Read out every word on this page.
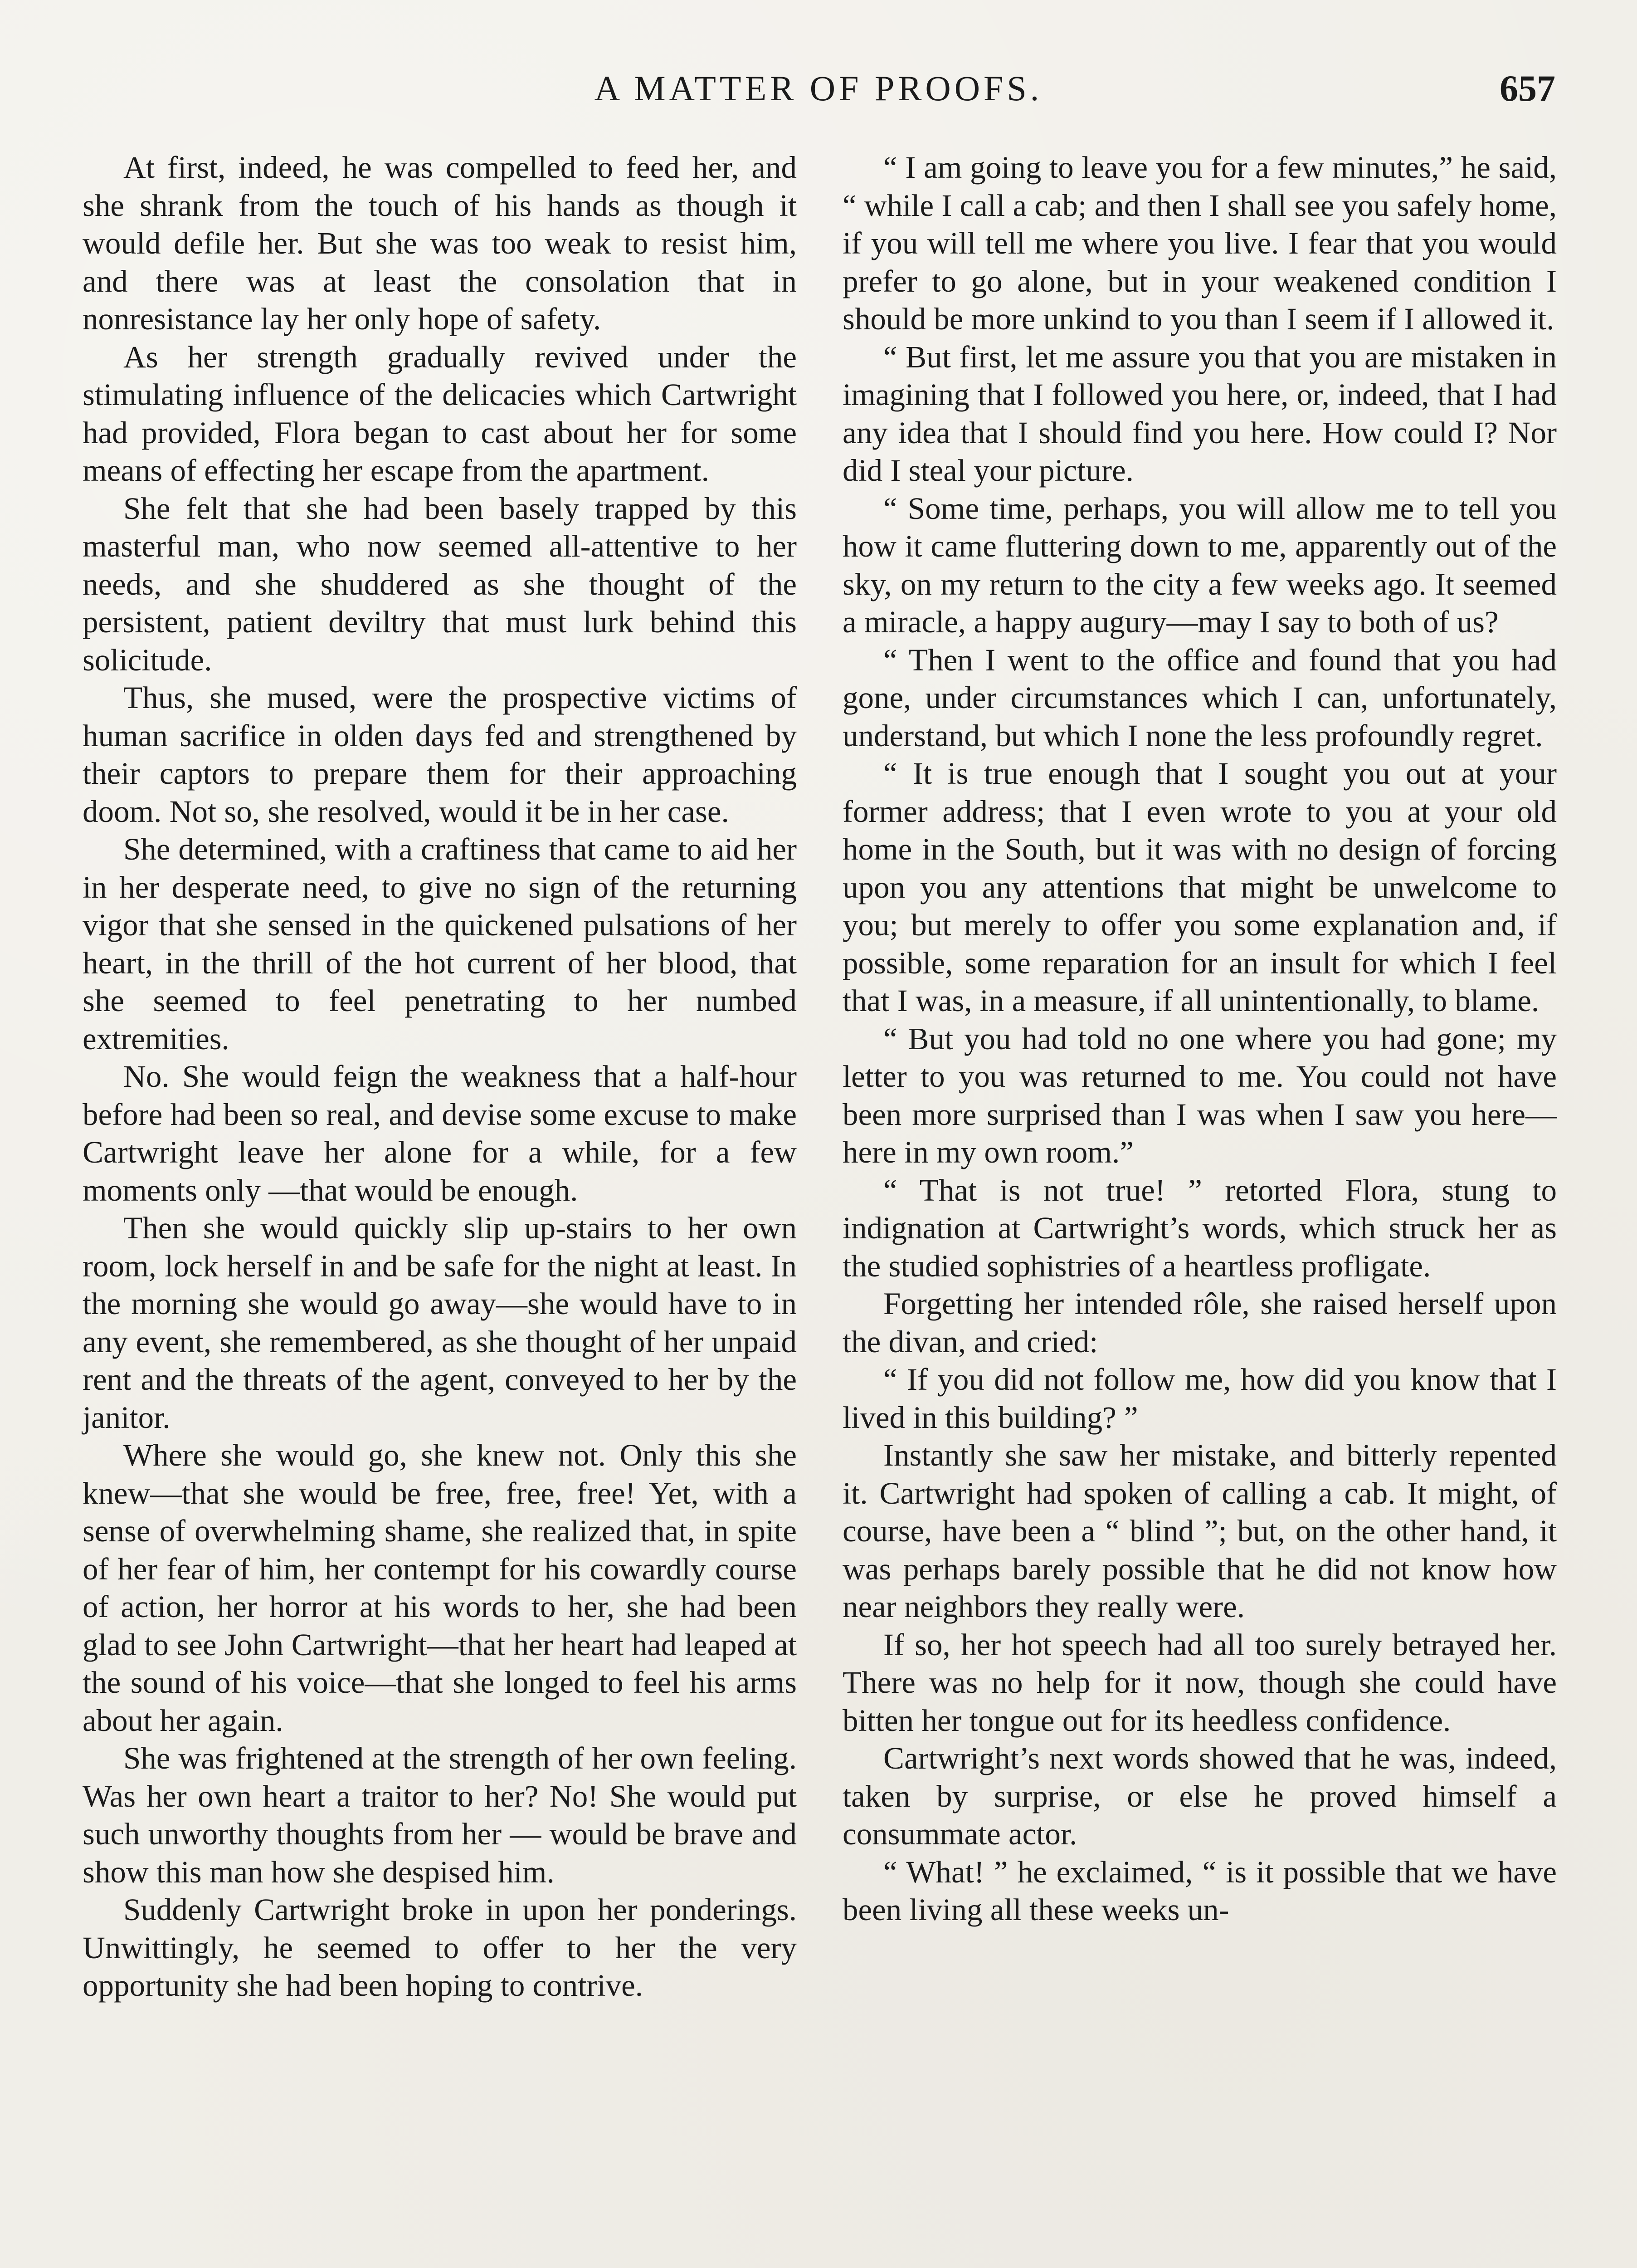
A MATTER OF PROOFS.	657

At first, indeed, he was compelled to feed her, and she shrank from the touch of his hands as though it would defile her. But she was too weak to resist him, and there was at least the consolation that in nonresistance lay her only hope of safety.

As her strength gradually revived under the stimulating influence of the delicacies which Cartwright had provided, Flora began to cast about her for some means of effecting her escape from the apartment.

She felt that she had been basely trapped by this masterful man, who now seemed all-attentive to her needs, and she shuddered as she thought of the persistent, patient deviltry that must lurk behind this solicitude.

Thus, she mused, were the prospective victims of human sacrifice in olden days fed and strengthened by their captors to prepare them for their approaching doom. Not so, she resolved, would it be in her case.

She determined, with a craftiness that came to aid her in her desperate need, to give no sign of the returning vigor that she sensed in the quickened pulsations of her heart, in the thrill of the hot current of her blood, that she seemed to feel penetrating to her numbed extremities.

No. She would feign the weakness that a half-hour before had been so real, and devise some excuse to make Cartwright leave her alone for a while, for a few moments only —that would be enough.

Then she would quickly slip up-stairs to her own room, lock herself in and be safe for the night at least. In the morning she would go away—she would have to in any event, she remembered, as she thought of her unpaid rent and the threats of the agent, conveyed to her by the janitor.

Where she would go, she knew not. Only this she knew—that she would be free, free, free! Yet, with a sense of overwhelming shame, she realized that, in spite of her fear of him, her contempt for his cowardly course of action, her horror at his words to her, she had been glad to see John Cartwright—that her heart had leaped at the sound of his voice—that she longed to feel his arms about her again.

She was frightened at the strength of her own feeling. Was her own heart a traitor to her? No! She would put such unworthy thoughts from her — would be brave and show this man how she despised him.

Suddenly Cartwright broke in upon her ponderings. Unwittingly, he seemed to offer to her the very opportunity she had been hoping to contrive.

“ I am going to leave you for a few minutes,” he said, “ while I call a cab; and then I shall see you safely home, if you will tell me where you live. I fear that you would prefer to go alone, but in your weakened condition I should be more unkind to you than I seem if I allowed it.

“ But first, let me assure you that you are mistaken in imagining that I followed you here, or, indeed, that I had any idea that I should find you here. How could I? Nor did I steal your picture.

“ Some time, perhaps, you will allow me to tell you how it came fluttering down to me, apparently out of the sky, on my return to the city a few weeks ago. It seemed a miracle, a happy augury—may I say to both of us?

“ Then I went to the office and found that you had gone, under circumstances which I can, unfortunately, understand, but which I none the less profoundly regret.

“ It is true enough that I sought you out at your former address; that I even wrote to you at your old home in the South, but it was with no design of forcing upon you any attentions that might be unwelcome to you; but merely to offer you some explanation and, if possible, some reparation for an insult for which I feel that I was, in a measure, if all unintentionally, to blame.

“ But you had told no one where you had gone; my letter to you was returned to me. You could not have been more surprised than I was when I saw you here—here in my own room.”

“ That is not true! ” retorted Flora, stung to indignation at Cartwright’s words, which struck her as the studied sophistries of a heartless profligate.

Forgetting her intended rôle, she raised herself upon the divan, and cried:

“ If you did not follow me, how did you know that I lived in this building? ”

Instantly she saw her mistake, and bitterly repented it. Cartwright had spoken of calling a cab. It might, of course, have been a “ blind ”; but, on the other hand, it was perhaps barely possible that he did not know how near neighbors they really were.

If so, her hot speech had all too surely betrayed her. There was no help for it now, though she could have bitten her tongue out for its heedless confidence.

Cartwright’s next words showed that he was, indeed, taken by surprise, or else he proved himself a consummate actor.

“ What! ” he exclaimed, “ is it possible that we have been living all these weeks un-
